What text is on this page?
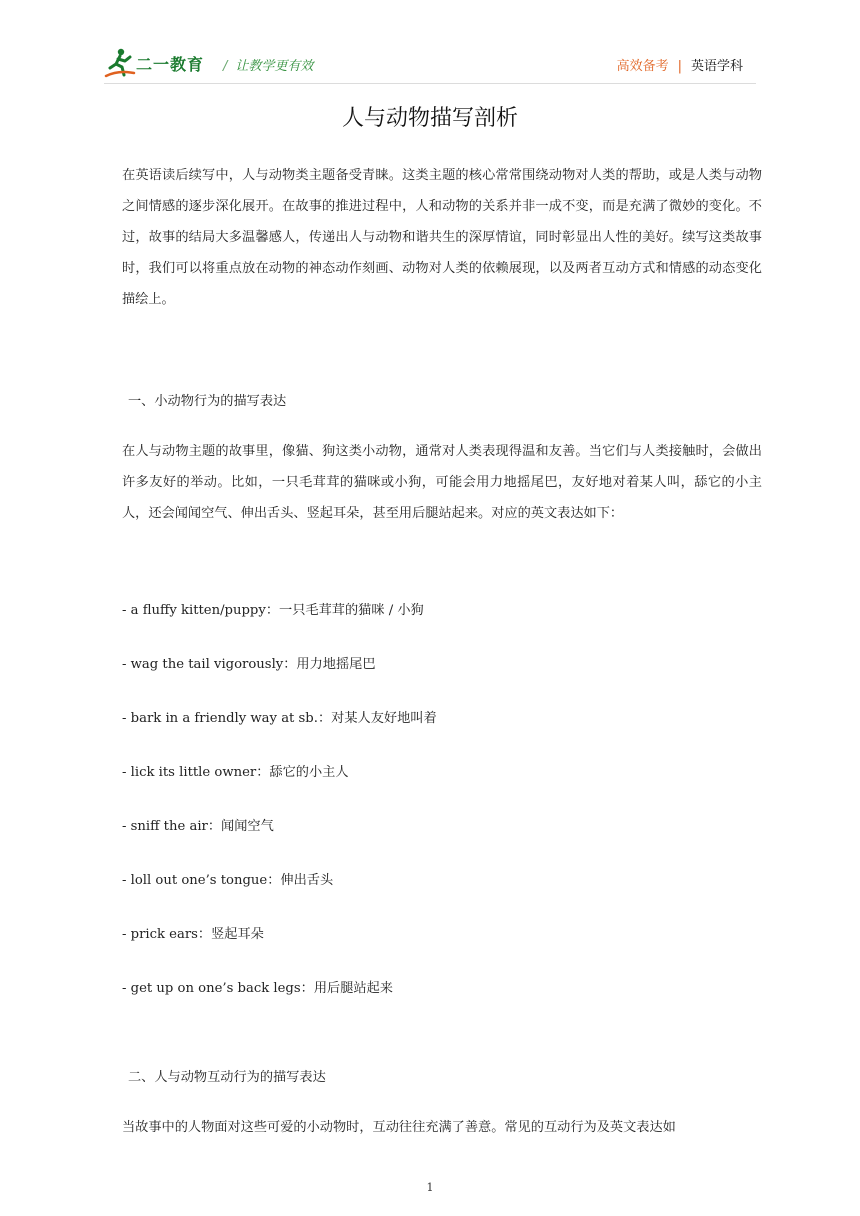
二一教育 / 让教学更有效	高效备考 | 英语学科
人与动物描写剖析

在英语读后续写中，人与动物类主题备受青睐。这类主题的核心常常围绕动物对人类的帮助，或是人类与动物之间情感的逐步深化展开。在故事的推进过程中，人和动物的关系并非一成不变，而是充满了微妙的变化。不过，故事的结局大多温馨感人，传递出人与动物和谐共生的深厚情谊，同时彰显出人性的美好。续写这类故事时，我们可以将重点放在动物的神态动作刻画、动物对人类的依赖展现，以及两者互动方式和情感的动态变化描绘上。

一、小动物行为的描写表达

在人与动物主题的故事里，像猫、狗这类小动物，通常对人类表现得温和友善。当它们与人类接触时，会做出许多友好的举动。比如，一只毛茸茸的猫咪或小狗，可能会用力地摇尾巴，友好地对着某人叫，舔它的小主人，还会闻闻空气、伸出舌头、竖起耳朵，甚至用后腿站起来。对应的英文表达如下：

- a fluffy kitten/puppy：一只毛茸茸的猫咪 / 小狗
- wag the tail vigorously：用力地摇尾巴
- bark in a friendly way at sb.：对某人友好地叫着
- lick its little owner：舔它的小主人
- sniff the air：闻闻空气
- loll out one’s tongue：伸出舌头
- prick ears：竖起耳朵
- get up on one’s back legs：用后腿站起来
二、人与动物互动行为的描写表达

当故事中的人物面对这些可爱的小动物时，互动往往充满了善意。常见的互动行为及英文表达如

1
